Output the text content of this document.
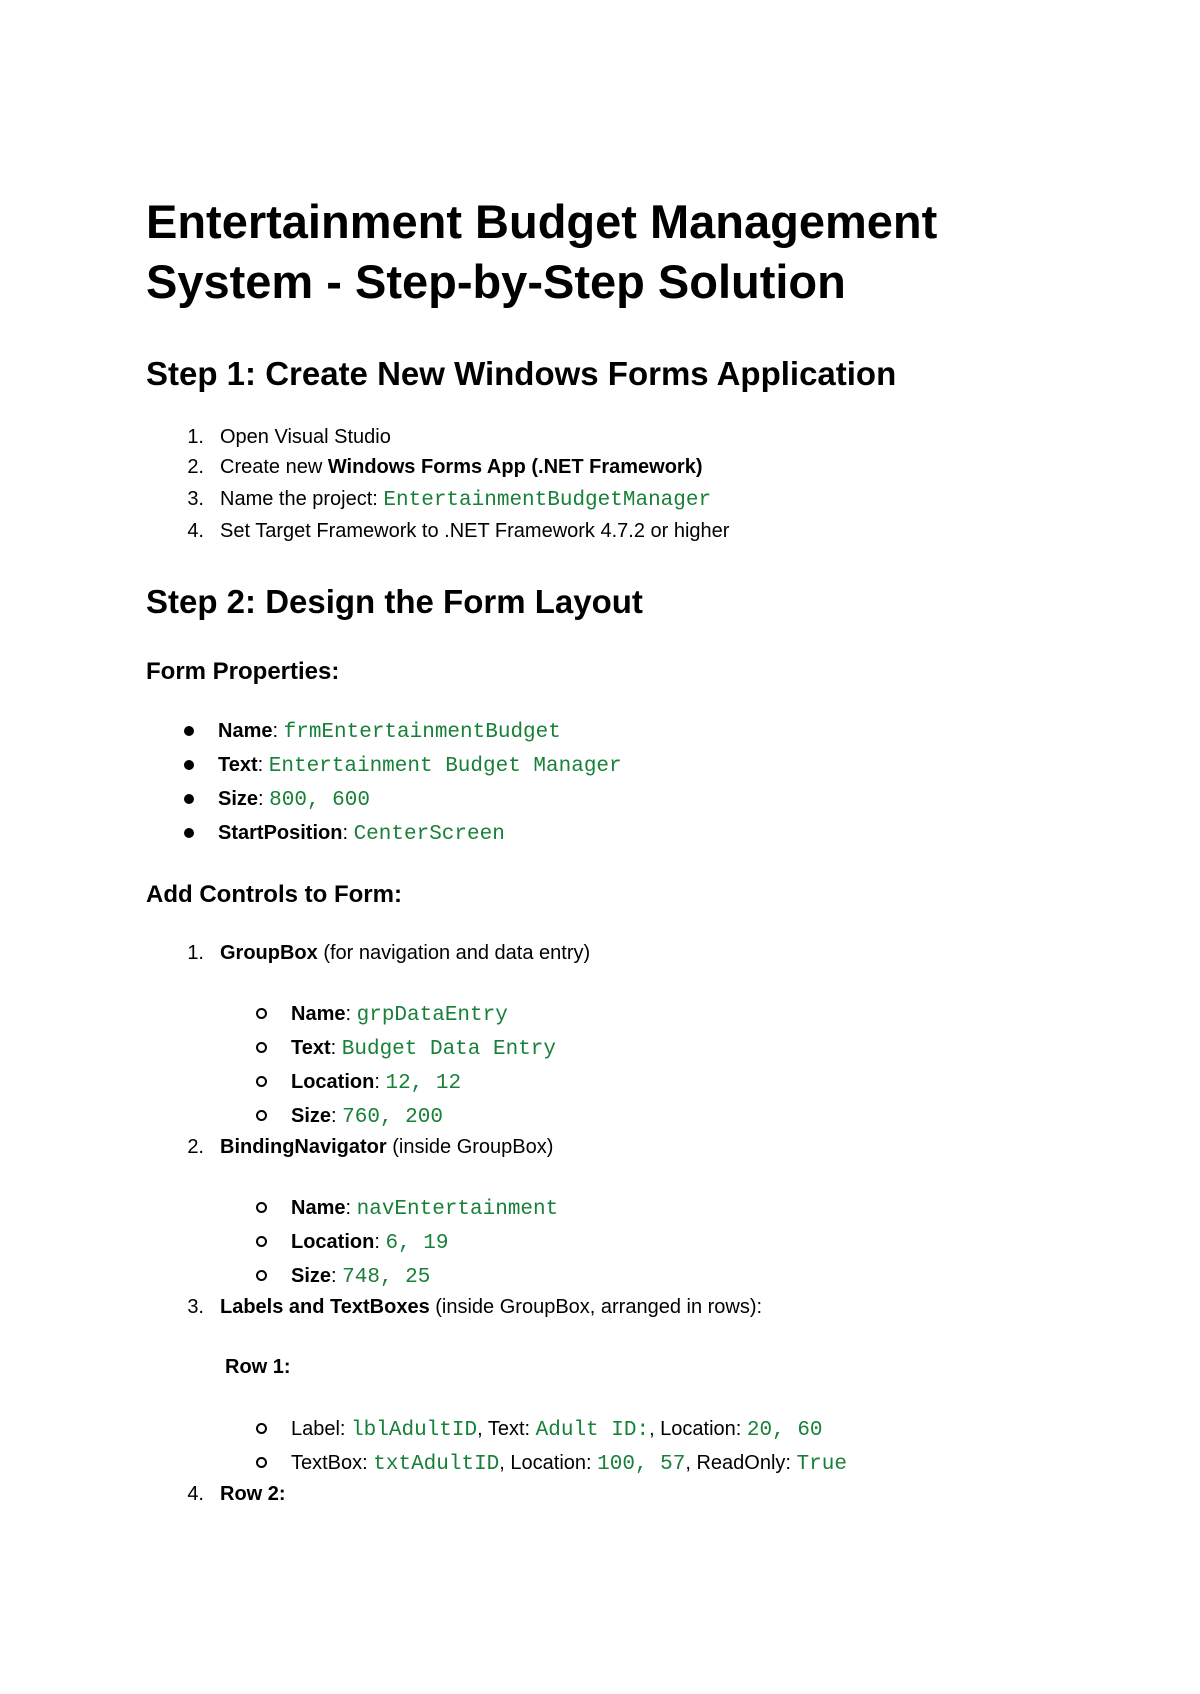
Entertainment Budget Management
System - Step-by-Step Solution
Step 1: Create New Windows Forms Application
1. Open Visual Studio
2. Create new Windows Forms App (.NET Framework)
3. Name the project: EntertainmentBudgetManager
4. Set Target Framework to .NET Framework 4.7.2 or higher
Step 2: Design the Form Layout
Form Properties:
Name: frmEntertainmentBudget
Text: Entertainment Budget Manager
Size: 800, 600
StartPosition: CenterScreen
Add Controls to Form:
1. GroupBox (for navigation and data entry)
Name: grpDataEntry
Text: Budget Data Entry
Location: 12, 12
Size: 760, 200
2. BindingNavigator (inside GroupBox)
Name: navEntertainment
Location: 6, 19
Size: 748, 25
3. Labels and TextBoxes (inside GroupBox, arranged in rows):
Row 1:
Label: lblAdultID, Text: Adult ID:, Location: 20, 60
TextBox: txtAdultID, Location: 100, 57, ReadOnly: True
4. Row 2:
